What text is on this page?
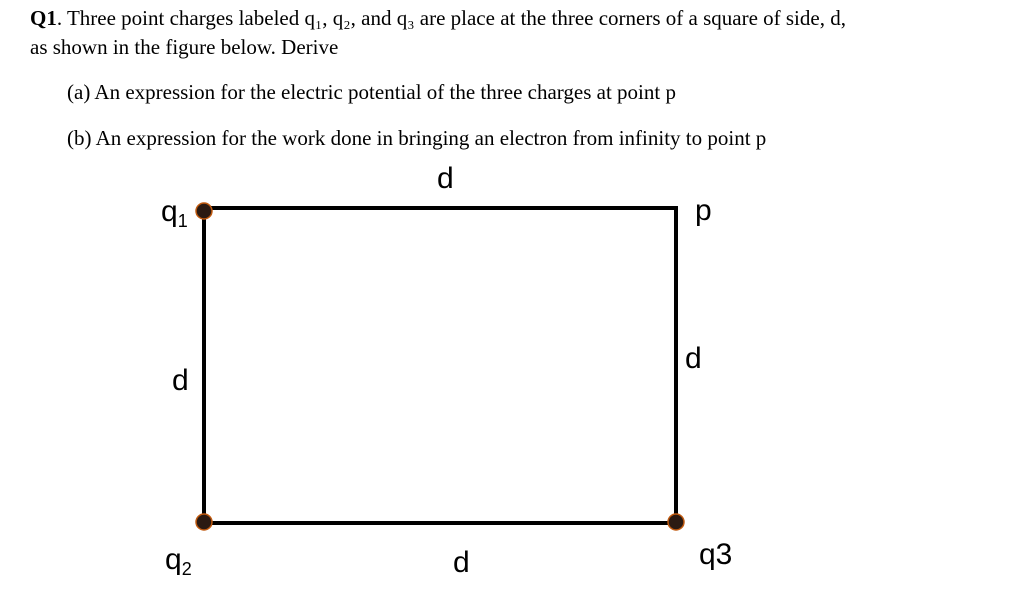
Q1. Three point charges labeled q₁, q₂, and q₃ are place at the three corners of a square of side, d,
as shown in the figure below. Derive
(a) An expression for the electric potential of the three charges at point p
(b) An expression for the work done in bringing an electron from infinity to point p
d
$q_1$	p
d
d
$q_2$	d	q3
